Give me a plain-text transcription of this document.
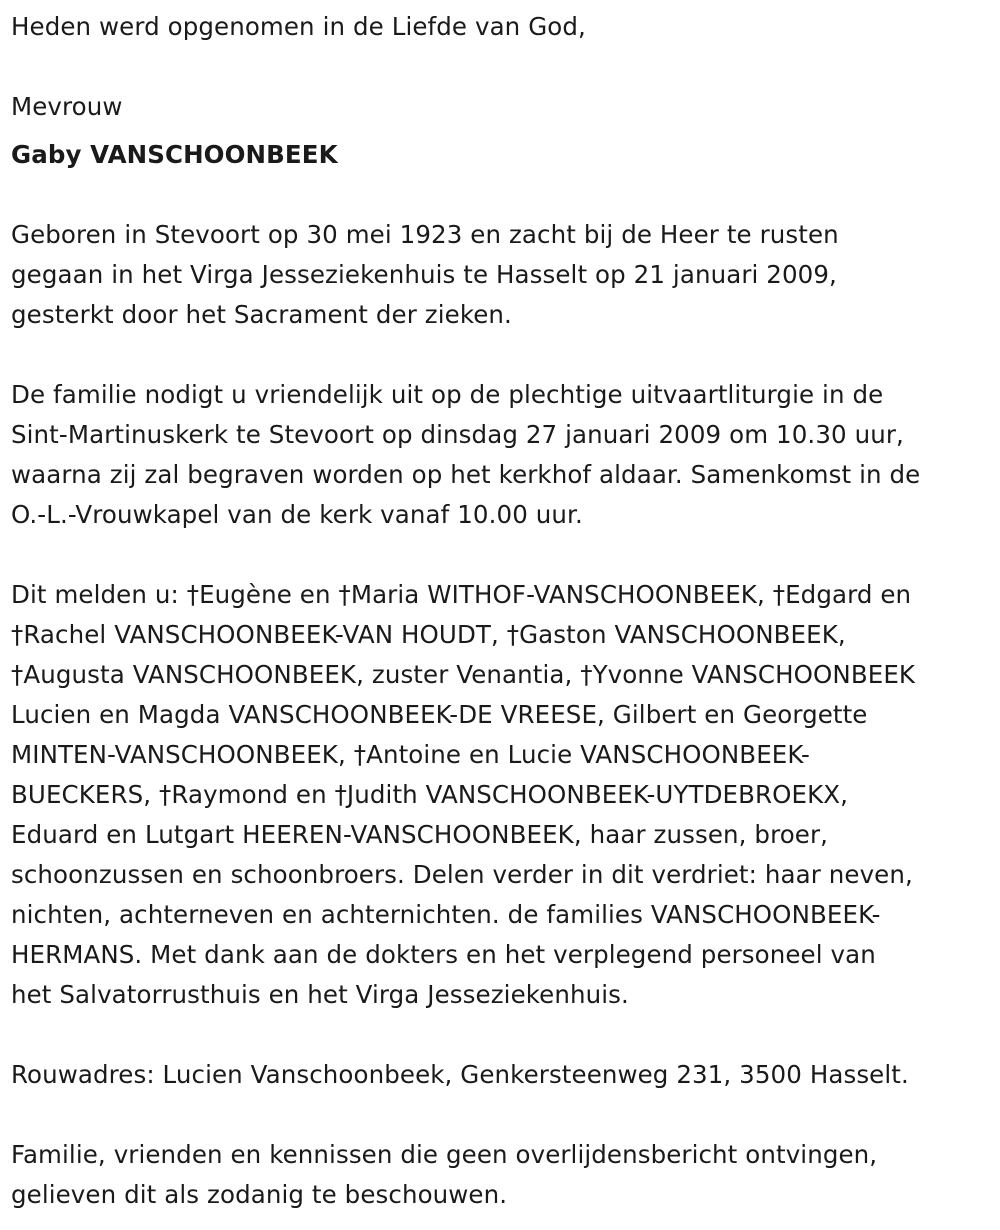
Heden werd opgenomen in de Liefde van God,

Mevrouw

Gaby VANSCHOONBEEK

Geboren in Stevoort op 30 mei 1923 en zacht bij de Heer te rusten
gegaan in het Virga Jesseziekenhuis te Hasselt op 21 januari 2009,
gesterkt door het Sacrament der zieken.
De familie nodigt u vriendelijk uit op de plechtige uitvaartliturgie in de
Sint-Martinuskerk te Stevoort op dinsdag 27 januari 2009 om 10.30 uur,
waarna zij zal begraven worden op het kerkhof aldaar. Samenkomst in de
O.-L.-Vrouwkapel van de kerk vanaf 10.00 uur.
Dit melden u: †Eugène en †Maria WITHOF-VANSCHOONBEEK, †Edgard en
†Rachel VANSCHOONBEEK-VAN HOUDT, †Gaston VANSCHOONBEEK,
†Augusta VANSCHOONBEEK, zuster Venantia, †Yvonne VANSCHOONBEEK
Lucien en Magda VANSCHOONBEEK-DE VREESE, Gilbert en Georgette
MINTEN-VANSCHOONBEEK, †Antoine en Lucie VANSCHOONBEEK-
BUECKERS, †Raymond en †Judith VANSCHOONBEEK-UYTDEBROEKX,
Eduard en Lutgart HEEREN-VANSCHOONBEEK, haar zussen, broer,
schoonzussen en schoonbroers. Delen verder in dit verdriet: haar neven,
nichten, achterneven en achternichten. de families VANSCHOONBEEK-
HERMANS. Met dank aan de dokters en het verplegend personeel van
het Salvatorrusthuis en het Virga Jesseziekenhuis.

Rouwadres: Lucien Vanschoonbeek, Genkersteenweg 231, 3500 Hasselt.

Familie, vrienden en kennissen die geen overlijdensbericht ontvingen,
gelieven dit als zodanig te beschouwen.
